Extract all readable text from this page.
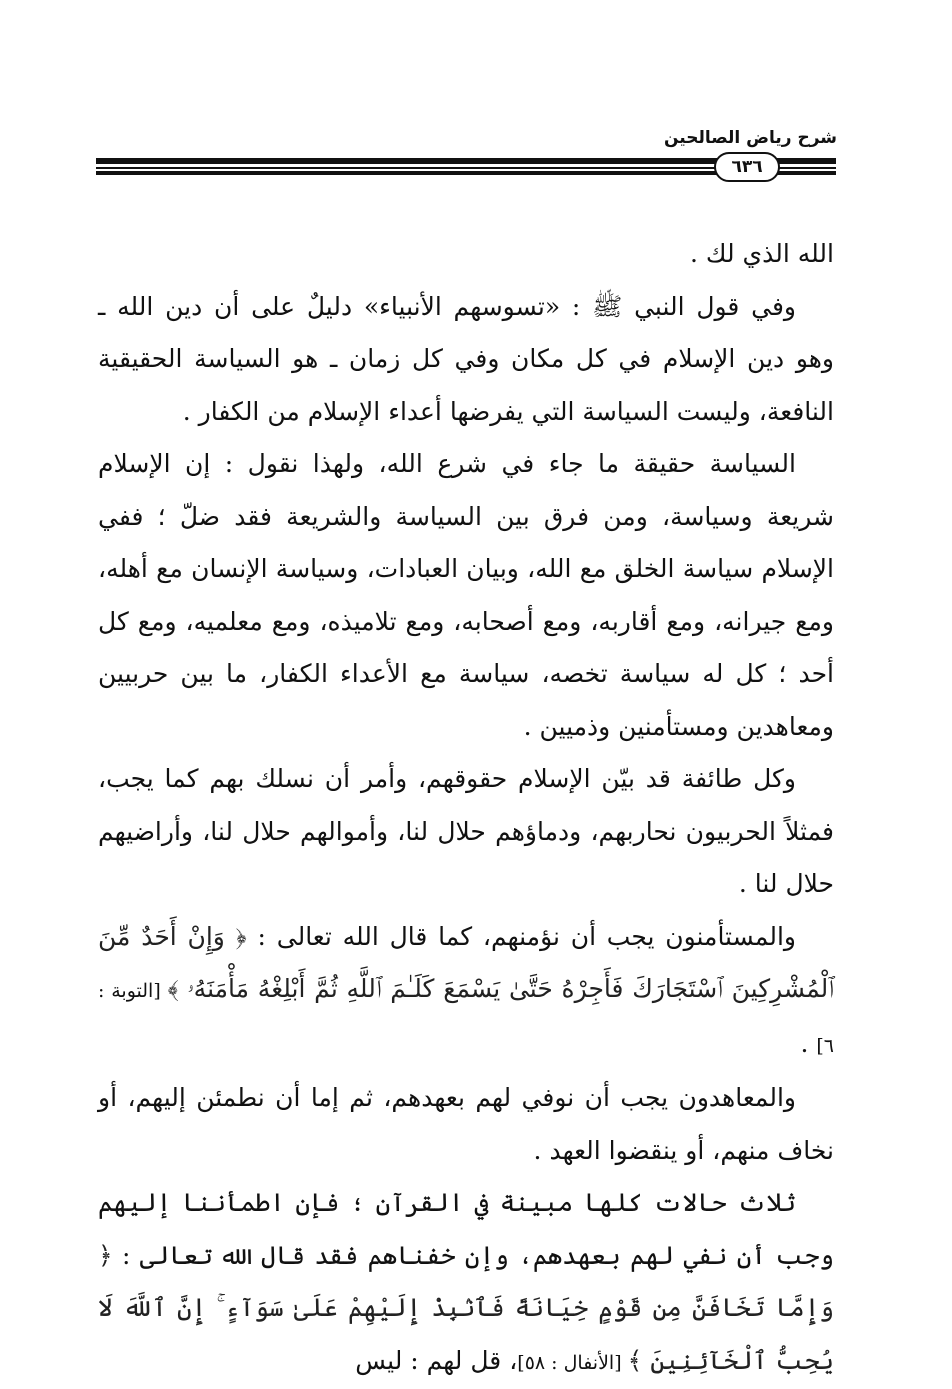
شرح رياض الصالحين
٦٣٦

الله الذي لك .

وفي قول النبي ﷺ : «تسوسهم الأنبياء» دليلٌ على أن دين الله ـ وهو دين الإسلام في كل مكان وفي كل زمان ـ هو السياسة الحقيقية النافعة، وليست السياسة التي يفرضها أعداء الإسلام من الكفار .

السياسة حقيقة ما جاء في شرع الله، ولهذا نقول : إن الإسلام شريعة وسياسة، ومن فرق بين السياسة والشريعة فقد ضلّ ؛ ففي الإسلام سياسة الخلق مع الله، وبيان العبادات، وسياسة الإنسان مع أهله، ومع جيرانه، ومع أقاربه، ومع أصحابه، ومع تلاميذه، ومع معلميه، ومع كل أحد ؛ كل له سياسة تخصه، سياسة مع الأعداء الكفار، ما بين حربيين ومعاهدين ومستأمنين وذميين .

وكل طائفة قد بيّن الإسلام حقوقهم، وأمر أن نسلك بهم كما يجب، فمثلاً الحربيون نحاربهم، ودماؤهم حلال لنا، وأموالهم حلال لنا، وأراضيهم حلال لنا .

والمستأمنون يجب أن نؤمنهم، كما قال الله تعالى : ﴿ وَإِنْ أَحَدٌ مِّنَ ٱلْمُشْرِكِينَ ٱسْتَجَارَكَ فَأَجِرْهُ حَتَّىٰ يَسْمَعَ كَلَـٰمَ ٱللَّهِ ثُمَّ أَبْلِغْهُ مَأْمَنَهُۥ ﴾ [التوبة : ٦] .

والمعاهدون يجب أن نوفي لهم بعهدهم، ثم إما أن نطمئن إليهم، أو نخاف منهم، أو ينقضوا العهد .

ثلاث حالات كلها مبينة في القرآن ؛ فإن اطمأننا إليهم وجب أن نفي لهم بعهدهم، وإن خفناهم فقد قال الله تعالى : ﴿ وَإِمَّا تَخَافَنَّ مِن قَوْمٍ خِيَانَةً فَٱنۢبِذْ إِلَيْهِمْ عَلَىٰ سَوَآءٍ ۚ إِنَّ ٱللَّهَ لَا يُحِبُّ ٱلْخَآئِنِينَ ﴾ [الأنفال : ٥٨]، قل لهم : ليس
